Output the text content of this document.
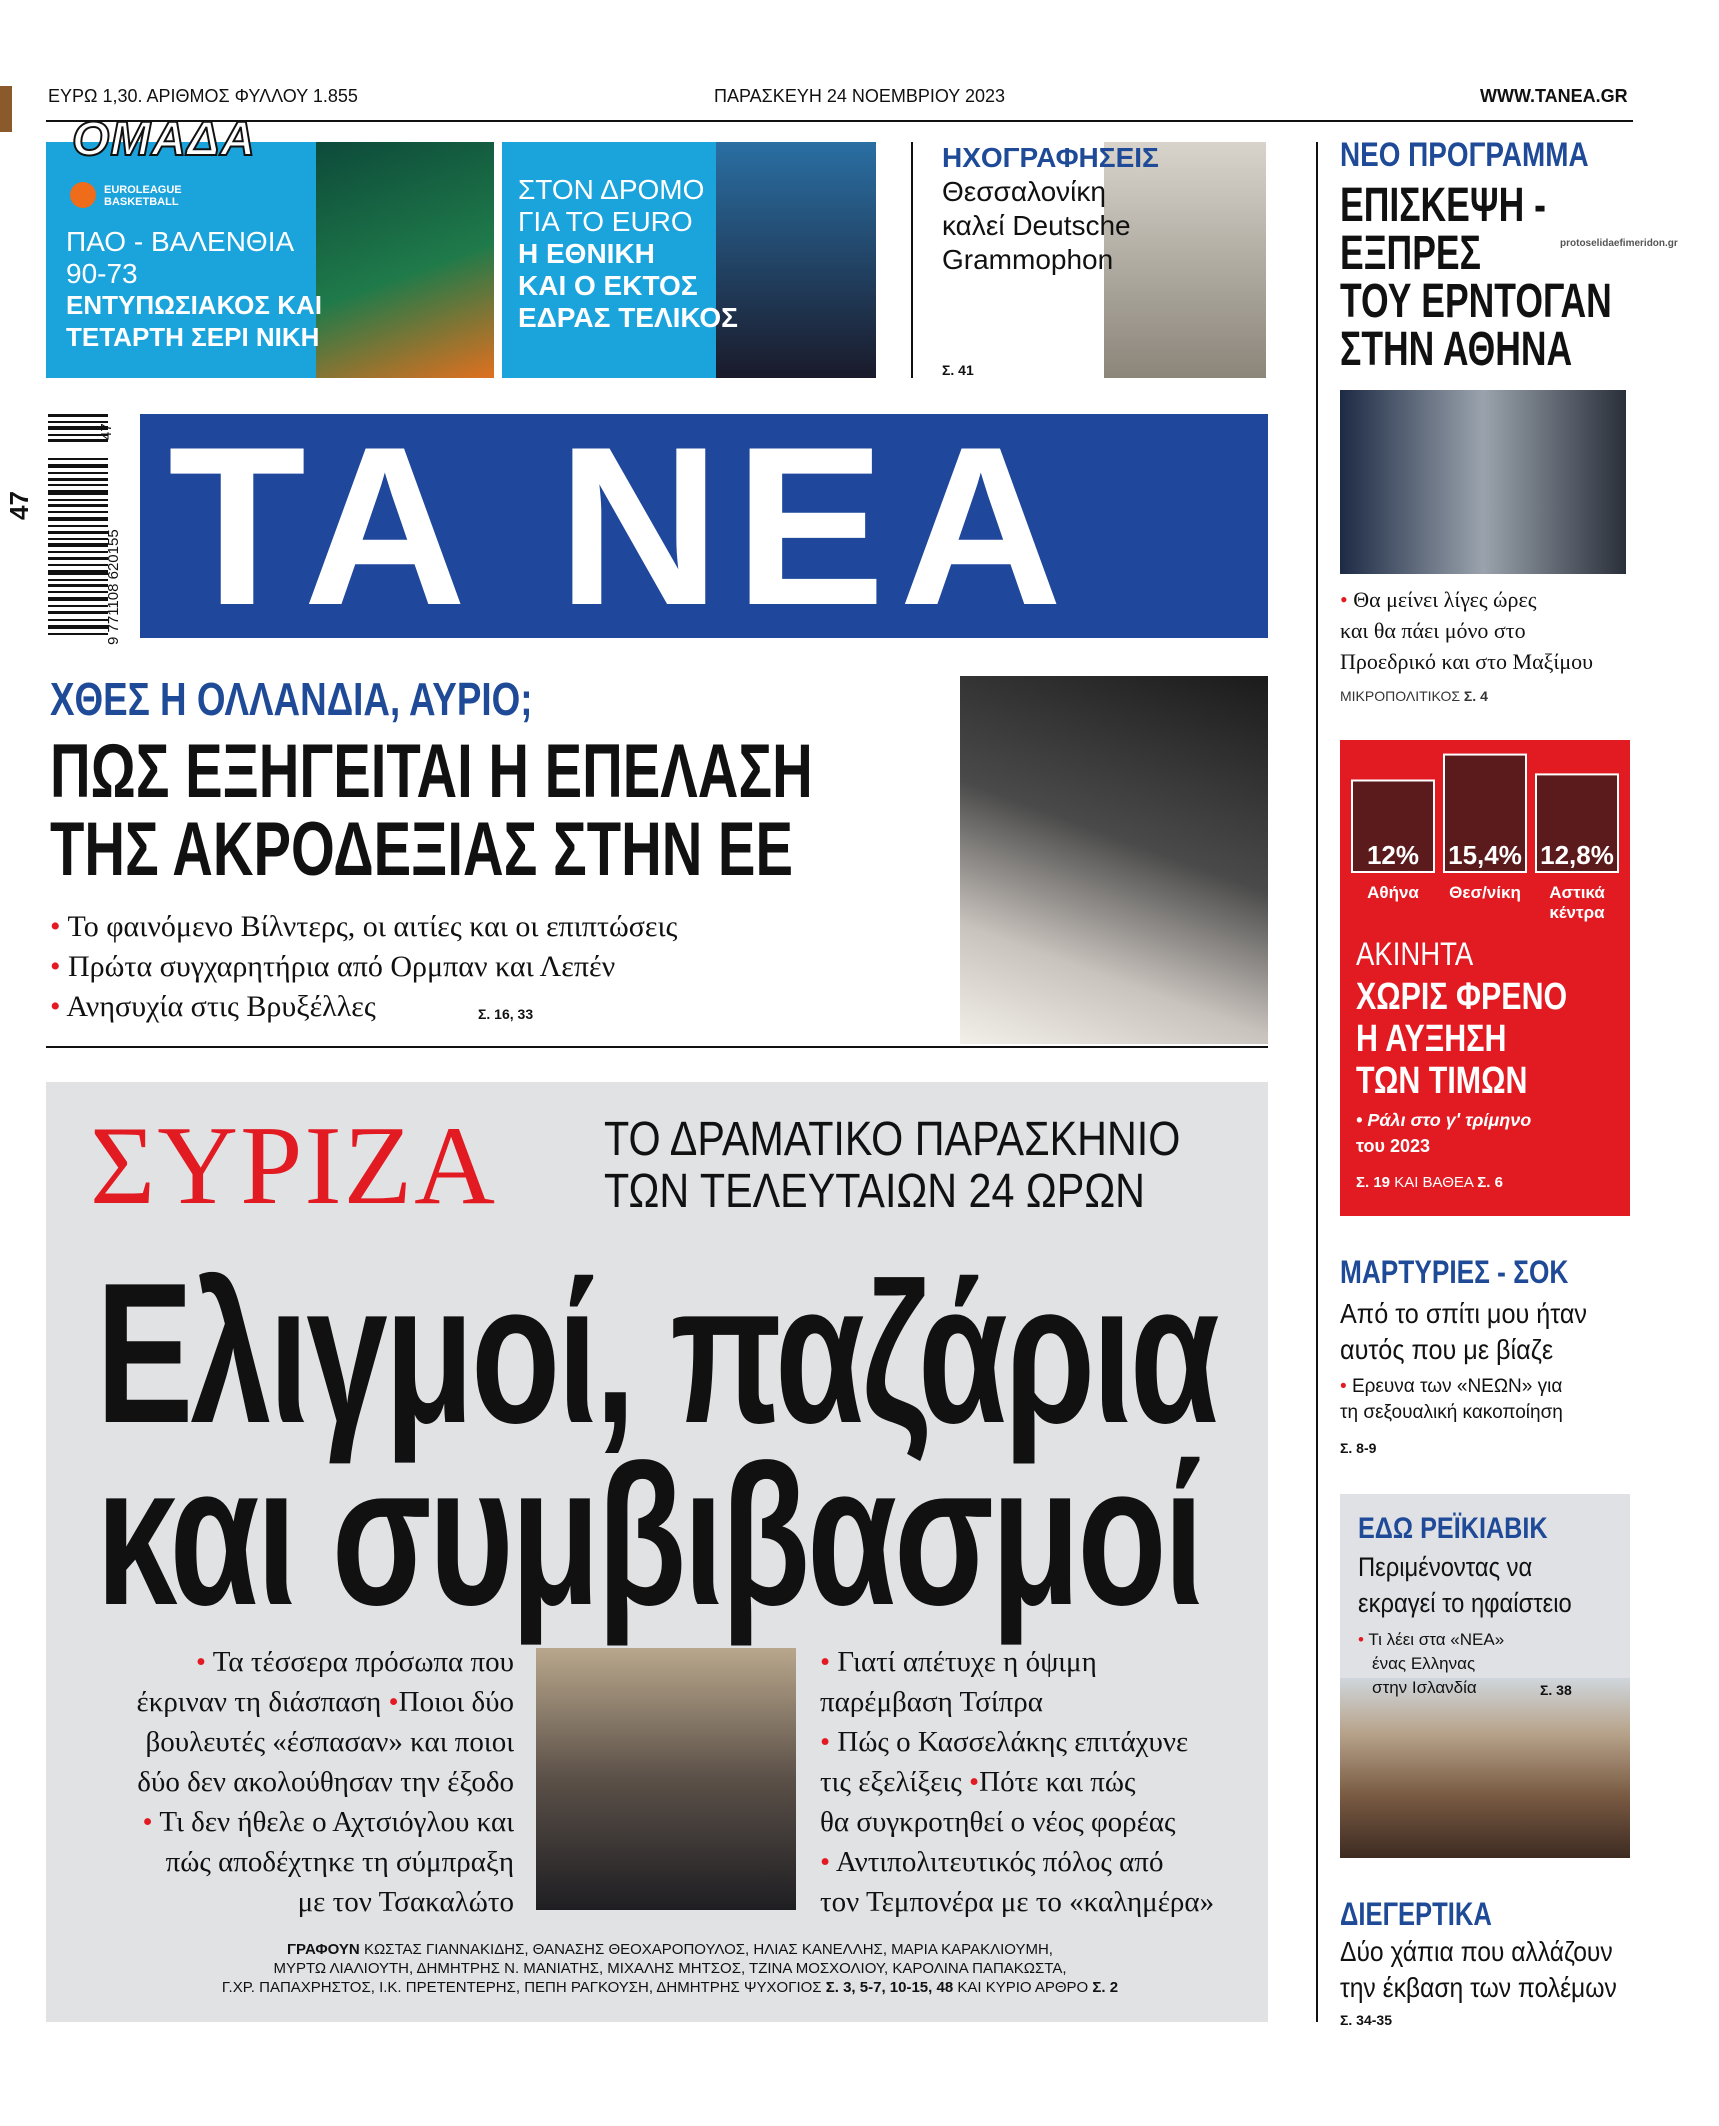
ΕΥΡΩ 1,30. ΑΡΙΘΜΟΣ ΦΥΛΛΟΥ 1.855	ΠΑΡΑΣΚΕΥΗ 24 ΝΟΕΜΒΡΙΟΥ 2023	WWW.TANEA.GR
EUROLEAGUE BASKETBALL
ΠΑΟ - ΒΑΛΕΝΘΙΑ
90-73
ΕΝΤΥΠΩΣΙΑΚΟΣ ΚΑΙ
ΤΕΤΑΡΤΗ ΣΕΡΙ ΝΙΚΗ
ΟΜΑΔΑ
ΣΤΟΝ ΔΡΟΜΟ
ΓΙΑ ΤΟ EURO
Η ΕΘΝΙΚΗ
ΚΑΙ Ο ΕΚΤΟΣ
ΕΔΡΑΣ ΤΕΛΙΚΟΣ
ΗΧΟΓΡΑΦΗΣΕΙΣ
Θεσσαλονίκη
καλεί Deutsche
Grammophon
Σ. 41
9 771108 620155
47
47 ΤΑ ΝΕΑ
ΧΘΕΣ Η ΟΛΛΑΝΔΙΑ, ΑΥΡΙΟ;
ΠΩΣ ΕΞΗΓΕΙΤΑΙ Η ΕΠΕΛΑΣΗ
ΤΗΣ ΑΚΡΟΔΕΞΙΑΣ ΣΤΗΝ ΕΕ
• Το φαινόμενο Βίλντερς, οι αιτίες και οι επιπτώσεις
• Πρώτα συγχαρητήρια από Ορμπαν και Λεπέν
• Ανησυχία στις Βρυξέλλες	Σ. 16, 33
ΣΥΡΙΖΑ ΤΟ ΔΡΑΜΑΤΙΚΟ ΠΑΡΑΣΚΗΝΙΟ
ΤΩΝ ΤΕΛΕΥΤΑΙΩΝ 24 ΩΡΩΝ
Ελιγμοί, παζάρια
και συμβιβασμοί
• Τα τέσσερα πρόσωπα που
έκριναν τη διάσπαση •Ποιοι δύο
βουλευτές «έσπασαν» και ποιοι
δύο δεν ακολούθησαν την έξοδο
• Τι δεν ήθελε ο Αχτσιόγλου και
πώς αποδέχτηκε τη σύμπραξη
με τον Τσακαλώτο
• Γιατί απέτυχε η όψιμη
παρέμβαση Τσίπρα
• Πώς ο Κασσελάκης επιτάχυνε
τις εξελίξεις •Πότε και πώς
θα συγκροτηθεί ο νέος φορέας
• Αντιπολιτευτικός πόλος από
τον Τεμπονέρα με το «καλημέρα»
ΓΡΑΦΟΥΝ ΚΩΣΤΑΣ ΓΙΑΝΝΑΚΙΔΗΣ, ΘΑΝΑΣΗΣ ΘΕΟΧΑΡΟΠΟΥΛΟΣ, ΗΛΙΑΣ ΚΑΝΕΛΛΗΣ, ΜΑΡΙΑ ΚΑΡΑΚΛΙΟΥΜΗ,
ΜΥΡΤΩ ΛΙΑΛΙΟΥΤΗ, ΔΗΜΗΤΡΗΣ Ν. ΜΑΝΙΑΤΗΣ, ΜΙΧΑΛΗΣ ΜΗΤΣΟΣ, ΤΖΙΝΑ ΜΟΣΧΟΛΙΟΥ, ΚΑΡΟΛΙΝΑ ΠΑΠΑΚΩΣΤΑ,
Γ.ΧΡ. ΠΑΠΑΧΡΗΣΤΟΣ, Ι.Κ. ΠΡΕΤΕΝΤΕΡΗΣ, ΠΕΠΗ ΡΑΓΚΟΥΣΗ, ΔΗΜΗΤΡΗΣ ΨΥΧΟΓΙΟΣ Σ. 3, 5-7, 10-15, 48 ΚΑΙ ΚΥΡΙΟ ΑΡΘΡΟ Σ. 2
ΝΕΟ ΠΡΟΓΡΑΜΜΑ
ΕΠΙΣΚΕΨΗ -
ΕΞΠΡΕΣ
ΤΟΥ ΕΡΝΤΟΓΑΝ
ΣΤΗΝ ΑΘΗΝΑ
protoselidaefimeridon.gr
• Θα μείνει λίγες ώρες
και θα πάει μόνο στο
Προεδρικό και στο Μαξίμου
ΜΙΚΡΟΠΟΛΙΤΙΚΟΣ Σ. 4
12%
Αθήνα
15,4%
Θεσ/νίκη
12,8%
Αστικά
κέντρα
ΑΚΙΝΗΤΑ
ΧΩΡΙΣ ΦΡΕΝΟ
Η ΑΥΞΗΣΗ
ΤΩΝ ΤΙΜΩΝ
• Ράλι στο γ' τρίμηνο
του 2023
Σ. 19 ΚΑΙ ΒΑΘΕΑ Σ. 6
ΜΑΡΤΥΡΙΕΣ - ΣΟΚ
Από το σπίτι μου ήταν
αυτός που με βίαζε
• Ερευνα των «ΝΕΩΝ» για
τη σεξουαλική κακοποίηση
Σ. 8-9
ΕΔΩ ΡΕΪΚΙΑΒΙΚ
Περιμένοντας να
εκραγεί το ηφαίστειο
• Τι λέει στα «ΝΕΑ»
ένας Ελληνας
στην Ισλανδία	Σ. 38
ΔΙΕΓΕΡΤΙΚΑ
Δύο χάπια που αλλάζουν
την έκβαση των πολέμων
Σ. 34-35
